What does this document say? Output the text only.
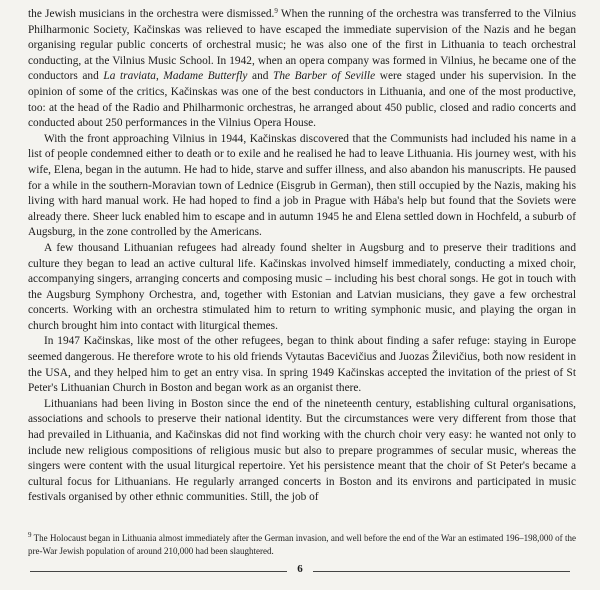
the Jewish musicians in the orchestra were dismissed.$^9$ When the running of the orchestra was transferred to the Vilnius Philharmonic Society, Kačinskas was relieved to have escaped the immediate supervision of the Nazis and he began organising regular public concerts of orchestral music; he was also one of the first in Lithuania to teach orchestral conducting, at the Vilnius Music School. In 1942, when an opera company was formed in Vilnius, he became one of the conductors and La traviata, Madame Butterfly and The Barber of Seville were staged under his supervision. In the opinion of some of the critics, Kačinskas was one of the best conductors in Lithuania, and one of the most productive, too: at the head of the Radio and Philharmonic orchestras, he arranged about 450 public, closed and radio concerts and conducted about 250 performances in the Vilnius Opera House.

With the front approaching Vilnius in 1944, Kačinskas discovered that the Communists had included his name in a list of people condemned either to death or to exile and he realised he had to leave Lithuania. His journey west, with his wife, Elena, began in the autumn. He had to hide, starve and suffer illness, and also abandon his manuscripts. He paused for a while in the southern-Moravian town of Lednice (Eisgrub in German), then still occupied by the Nazis, making his living with hard manual work. He had hoped to find a job in Prague with Hába's help but found that the Soviets were already there. Sheer luck enabled him to escape and in autumn 1945 he and Elena settled down in Hochfeld, a suburb of Augsburg, in the zone controlled by the Americans.

A few thousand Lithuanian refugees had already found shelter in Augsburg and to preserve their traditions and culture they began to lead an active cultural life. Kačinskas involved himself immediately, conducting a mixed choir, accompanying singers, arranging concerts and composing music – including his best choral songs. He got in touch with the Augsburg Symphony Orchestra, and, together with Estonian and Latvian musicians, they gave a few orchestral concerts. Working with an orchestra stimulated him to return to writing symphonic music, and playing the organ in church brought him into contact with liturgical themes.

In 1947 Kačinskas, like most of the other refugees, began to think about finding a safer refuge: staying in Europe seemed dangerous. He therefore wrote to his old friends Vytautas Bacevičius and Juozas Žilevičius, both now resident in the USA, and they helped him to get an entry visa. In spring 1949 Kačinskas accepted the invitation of the priest of St Peter's Lithuanian Church in Boston and began work as an organist there.

Lithuanians had been living in Boston since the end of the nineteenth century, establishing cultural organisations, associations and schools to preserve their national identity. But the circumstances were very different from those that had prevailed in Lithuania, and Kačinskas did not find working with the church choir very easy: he wanted not only to include new religious compositions of religious music but also to prepare programmes of secular music, whereas the singers were content with the usual liturgical repertoire. Yet his persistence meant that the choir of St Peter's became a cultural focus for Lithuanians. He regularly arranged concerts in Boston and its environs and participated in music festivals organised by other ethnic communities. Still, the job of

$^9$ The Holocaust began in Lithuania almost immediately after the German invasion, and well before the end of the War an estimated 196–198,000 of the pre-War Jewish population of around 210,000 had been slaughtered.

6
